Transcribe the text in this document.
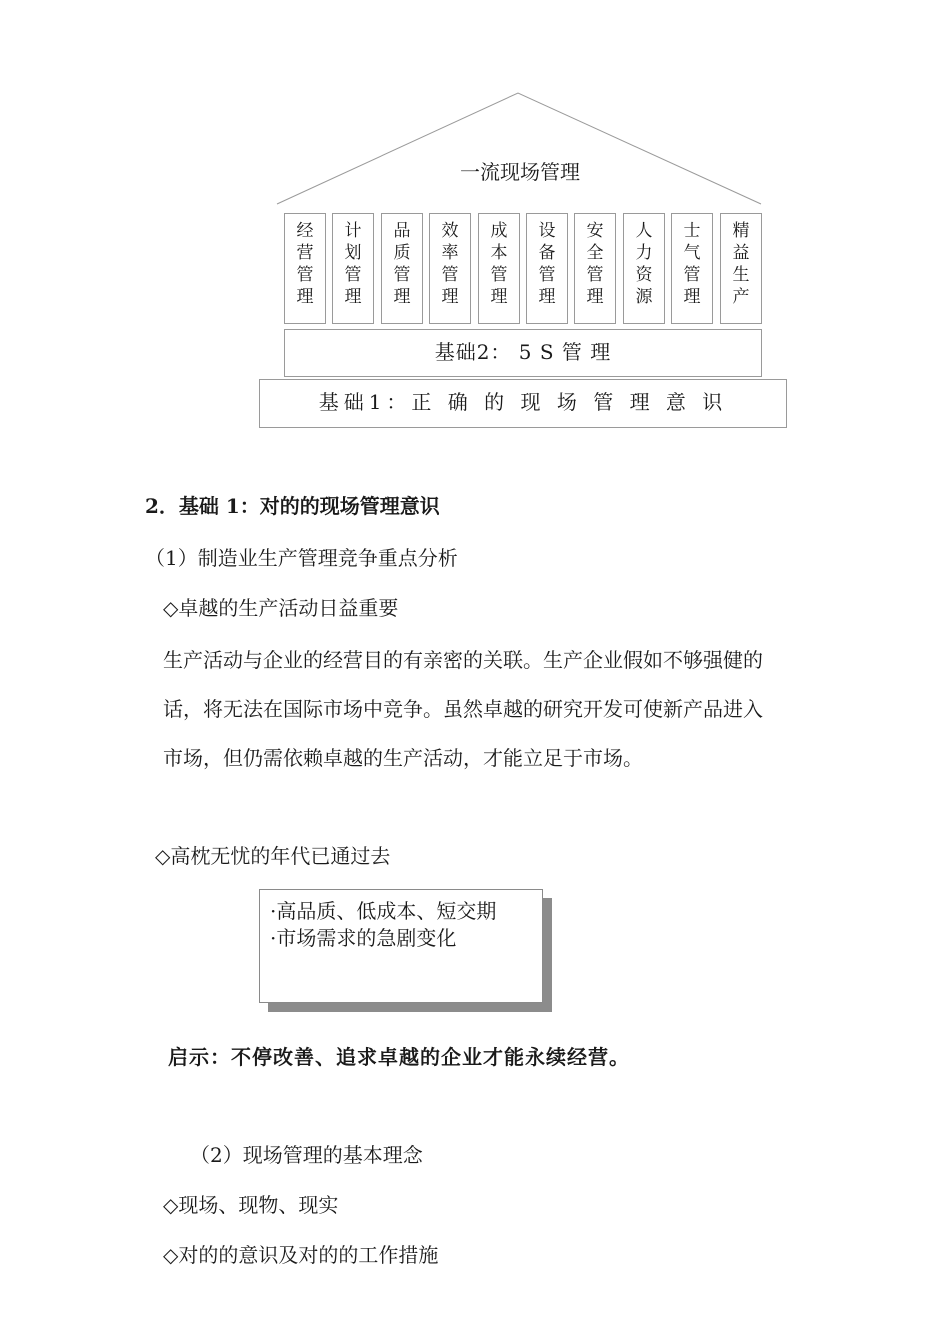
一流现场管理
经
营
管
理
计
划
管
理
品
质
管
理
效
率
管
理
成
本
管
理
设
备
管
理
安
全
管
理
人
力
资
源
士
气
管
理
精
益
生
产
基础2： 5 S 管 理
基础1：正 确 的 现 场 管 理 意 识
2．基础 1：对的的现场管理意识
（1）制造业生产管理竞争重点分析
◇卓越的生产活动日益重要
生产活动与企业的经营目的有亲密的关联。生产企业假如不够强健的话，将无法在国际市场中竞争。虽然卓越的研究开发可使新产品进入市场，但仍需依赖卓越的生产活动，才能立足于市场。
◇高枕无忧的年代已通过去
·高品质、低成本、短交期
·市场需求的急剧变化
启示：不停改善、追求卓越的企业才能永续经营。
（2）现场管理的基本理念
◇现场、现物、现实
◇对的的意识及对的的工作措施
